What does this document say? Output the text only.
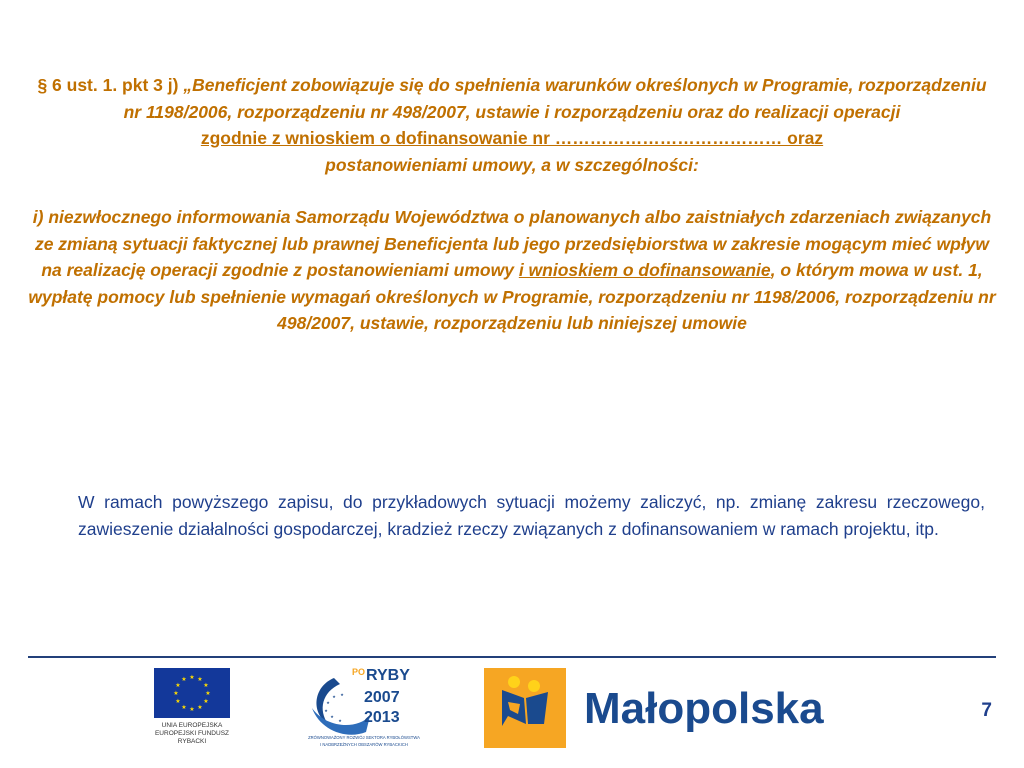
§ 6 ust. 1. pkt 3 j) „Beneficjent zobowiązuje się do spełnienia warunków określonych w Programie, rozporządzeniu nr 1198/2006, rozporządzeniu nr 498/2007, ustawie i rozporządzeniu oraz do realizacji operacji
zgodnie z wnioskiem o dofinansowanie nr ………………………………… oraz
postanowieniami umowy, a w szczególności:

i) niezwłocznego informowania Samorządu Województwa o planowanych albo zaistniałych zdarzeniach związanych ze zmianą sytuacji faktycznej lub prawnej Beneficjenta lub jego przedsiębiorstwa w zakresie mogącym mieć wpływ na realizację operacji zgodnie z postanowieniami umowy i wnioskiem o dofinansowanie, o którym mowa w ust. 1, wypłatę pomocy lub spełnienie wymagań określonych w Programie, rozporządzeniu nr 1198/2006, rozporządzeniu nr 498/2007, ustawie, rozporządzeniu lub niniejszej umowie

W ramach powyższego zapisu, do przykładowych sytuacji możemy zaliczyć, np. zmianę zakresu rzeczowego, zawieszenie działalności gospodarczej, kradzież rzeczy związanych z dofinansowaniem w ramach projektu, itp.
★ ★
★
★
★
★
★
★
★
★
★
★
UNIA EUROPEJSKA
EUROPEJSKI FUNDUSZ
RYBACKI
★
★ ★
★
★
★
PO RYBY
2007
2013
ZRÓWNOWAŻONY ROZWÓJ SEKTORA RYBOŁÓWSTWA
I NADBRZEŻNYCH OBSZARÓW RYBACKICH
Małopolska	7
